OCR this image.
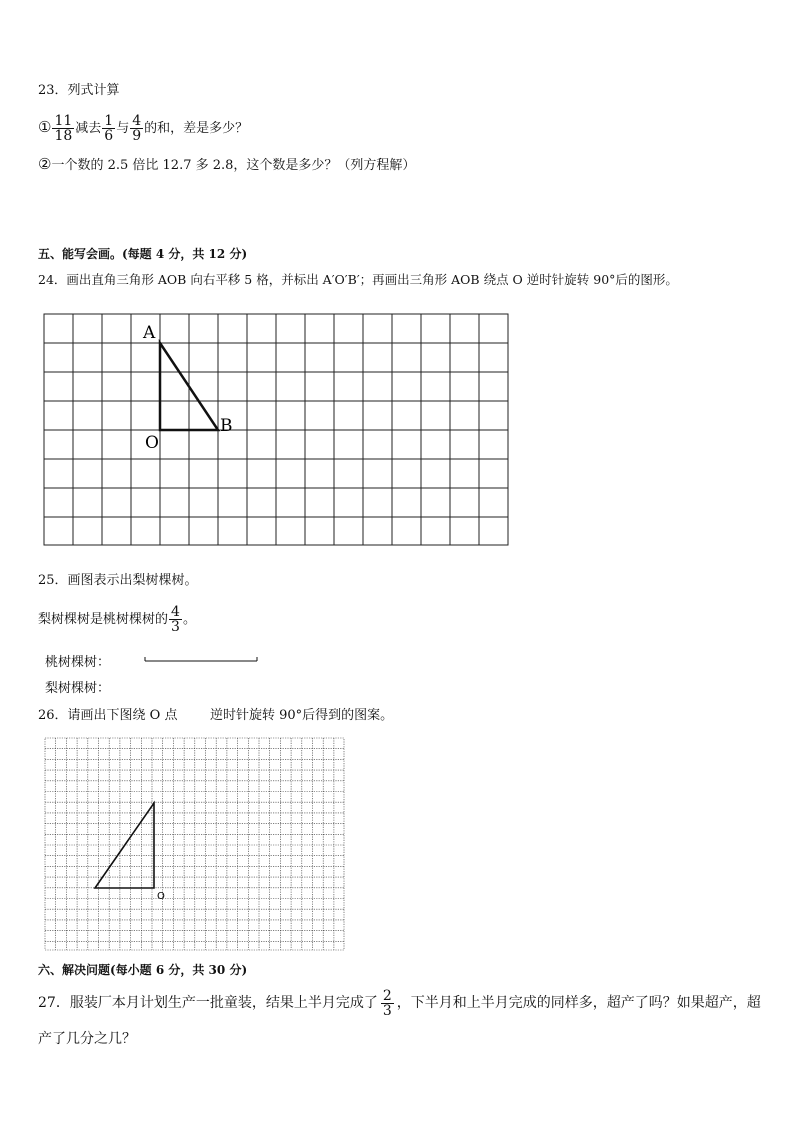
23．列式计算
① $\frac{11}{18}$ 减去 $\frac{1}{6}$ 与 $\frac{4}{9}$ 的和，差是多少？
②一个数的 2.5 倍比 12.7 多 2.8，这个数是多少？（列方程解）
五、能写会画。(每题 4 分，共 12 分)
24．画出直角三角形 AOB 向右平移 5 格，并标出 A′O′B′；再画出三角形 AOB 绕点 O 逆时针旋转 90°后的图形。
A
O
B
O
25．画图表示出梨树棵树。
梨树棵树是桃树棵树的 $\frac{4}{3}$ 。
桃树棵树：
梨树棵树：
26．请画出下图绕 O 点	逆时针旋转 90°后得到的图案。
六、解决问题(每小题 6 分，共 30 分)
27．服装厂本月计划生产一批童装，结果上半月完成了 $\frac{2}{3}$ ，下半月和上半月完成的同样多，超产了吗？如果超产，超
产了几分之几？
